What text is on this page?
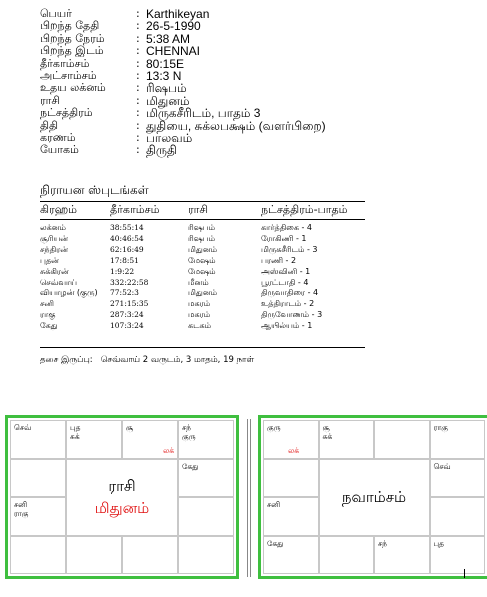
பெயர்	: Karthikeyan
பிறந்த தேதி	: 26-5-1990
பிறந்த நேரம்	: 5:38 AM
பிறந்த இடம்	: CHENNAI
தீர்காம்சம்	: 80:15E
அட்சாம்சம்	: 13:3 N
உதய லக்னம்	: ரிஷபம்
ராசி	: மிதுனம்
நட்சத்திரம்	: மிருகசீரிடம், பாதம் 3
திதி	: துதியை, சுக்லபக்ஷம் (வளர்பிறை)
கரணம்	: பாலவம்
யோகம்	: திருதி
நிராயன ஸ்புடங்கள்
கிரஹம்	தீர்காம்சம்	ராசி	நட்சத்திரம்-பாதம்
லக்னம்	38:55:14	ரிஷபம்	கார்த்திகை - 4
சூரியன்	40:46:54	ரிஷபம்	ரோகிணி - 1
சந்திரன்	62:16:49	மிதுனம்	மிருகசீரிடம் - 3
புதன்	17:8:51	மேஷம்	பரணி - 2
சுக்கிரன்	1:9:22	மேஷம்	அஸ்வினி - 1
செவ்வாய்	332:22:58	மீனம்	பூரட்டாதி - 4
வியாழன் (குரு)	77:52:3	மிதுனம்	திருவாதிரை - 4
சனி	271:15:35	மகரம்	உத்திராடம் - 2
ராகு	287:3:24	மகரம்	திருவோணம் - 3
கேது	107:3:24	கடகம்	ஆயில்யம் - 1
தசை இருப்பு: செவ்வாய் 2 வருடம், 3 மாதம், 19 நாள்
செவ்	புத
சுக்
சூ
லக்
சந்
குரு
ராசி
மிதுனம்
கேது
சனி
ராகு
குரு
லக்
சூ
சுக்
ராகு
நவாம்சம்
செவ்
சனி
கேது	சந்	புத
